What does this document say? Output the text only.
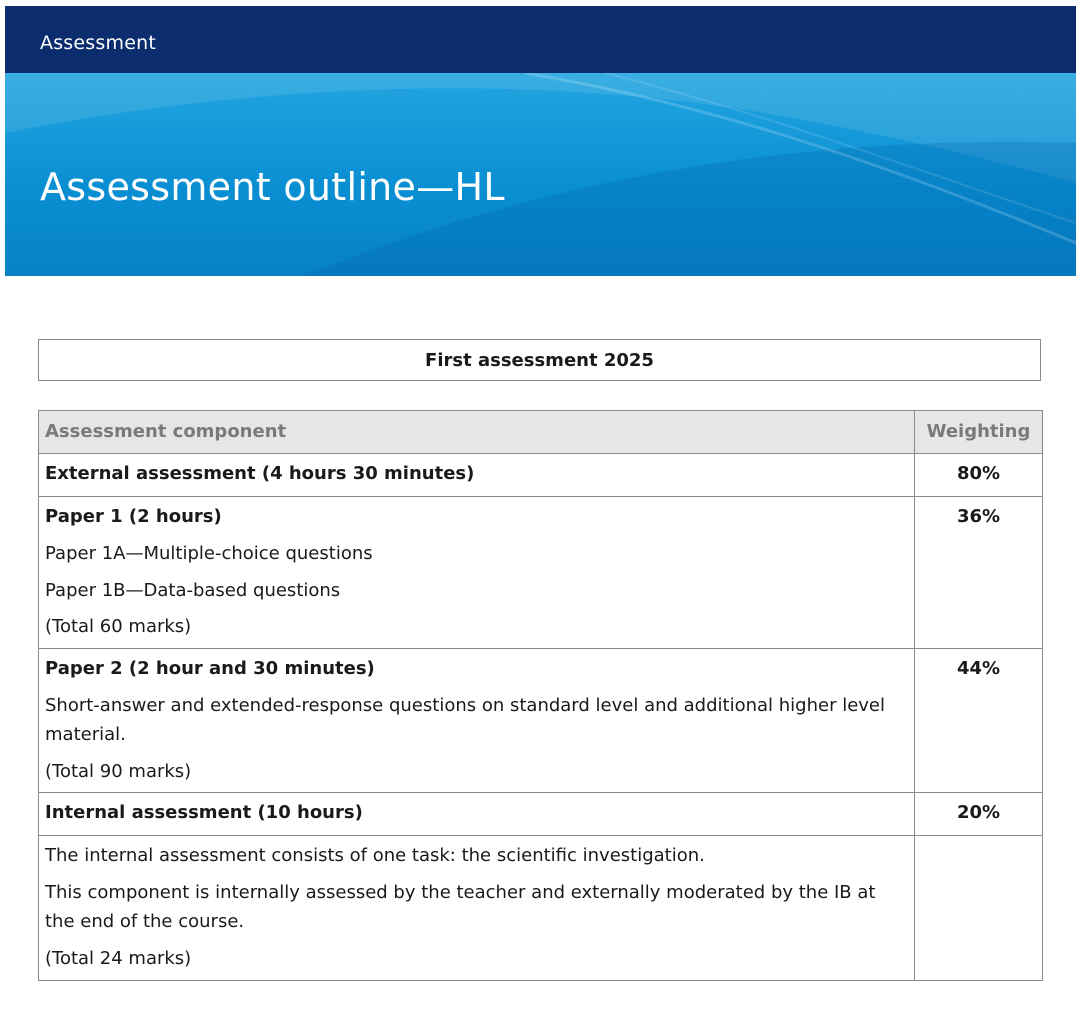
Assessment
Assessment outline—HL
First assessment 2025
Assessment component	Weighting
External assessment (4 hours 30 minutes)	80%

Paper 1 (2 hours)

Paper 1A—Multiple-choice questions

Paper 1B—Data-based questions

(Total 60 marks)	36%

Paper 2 (2 hour and 30 minutes)

Short-answer and extended-response questions on standard level and additional higher level material.

(Total 90 marks)	44%
Internal assessment (10 hours)	20%

The internal assessment consists of one task: the scientific investigation.

This component is internally assessed by the teacher and externally moderated by the IB at the end of the course.

(Total 24 marks)	
